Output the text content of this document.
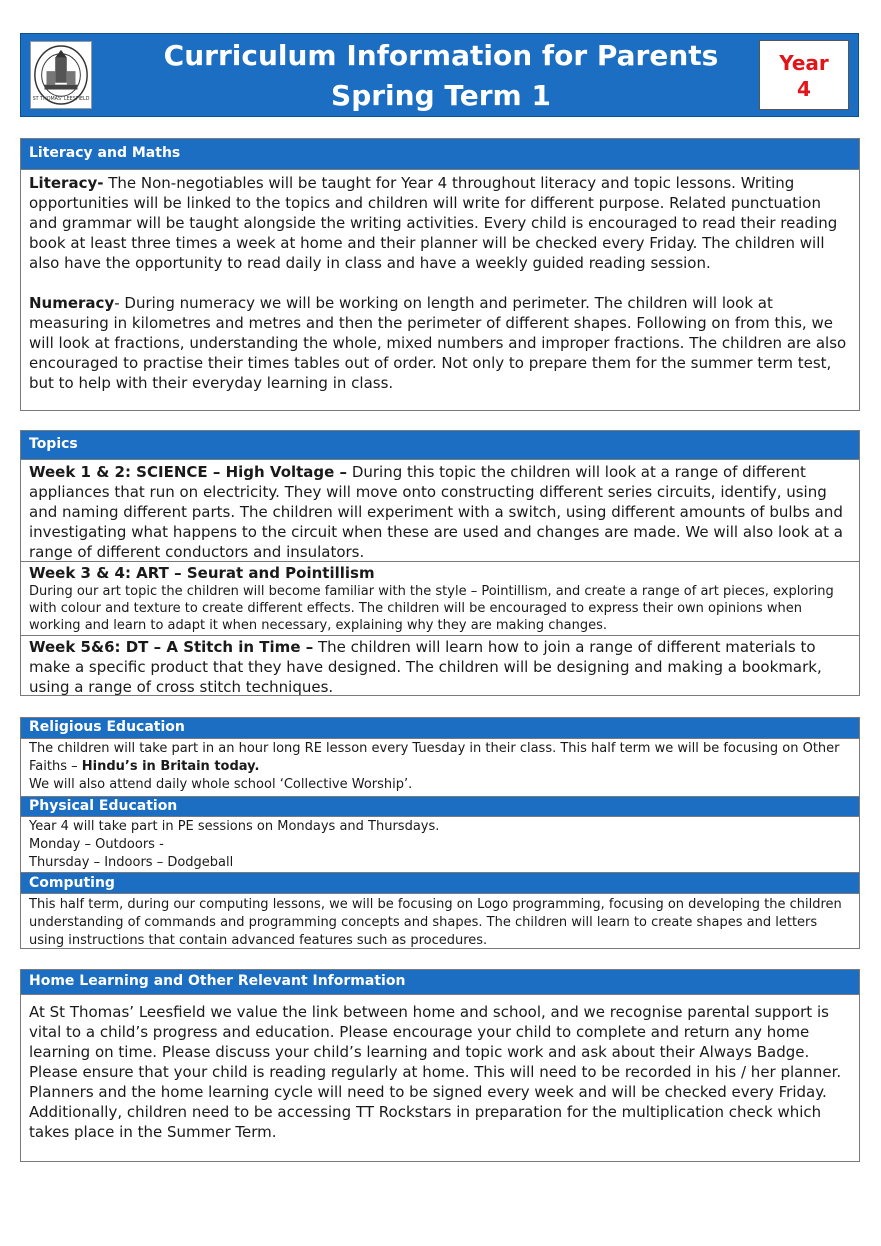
ST THOMAS' LEESFIELD
Curriculum Information for Parents
Spring Term 1
Year
4
Literacy and Maths

Literacy- The Non-negotiables will be taught for Year 4 throughout literacy and topic lessons. Writing opportunities will be linked to the topics and children will write for different purpose. Related punctuation and grammar will be taught alongside the writing activities. Every child is encouraged to read their reading book at least three times a week at home and their planner will be checked every Friday. The children will also have the opportunity to read daily in class and have a weekly guided reading session.

Numeracy- During numeracy we will be working on length and perimeter. The children will look at measuring in kilometres and metres and then the perimeter of different shapes. Following on from this, we will look at fractions, understanding the whole, mixed numbers and improper fractions. The children are also encouraged to practise their times tables out of order. Not only to prepare them for the summer term test, but to help with their everyday learning in class.

Topics

Week 1 & 2: SCIENCE – High Voltage – During this topic the children will look at a range of different appliances that run on electricity. They will move onto constructing different series circuits, identify, using and naming different parts. The children will experiment with a switch, using different amounts of bulbs and investigating what happens to the circuit when these are used and changes are made. We will also look at a range of different conductors and insulators.

Week 3 & 4: ART – Seurat and Pointillism

During our art topic the children will become familiar with the style – Pointillism, and create a range of art pieces, exploring with colour and texture to create different effects. The children will be encouraged to express their own opinions when working and learn to adapt it when necessary, explaining why they are making changes.

Week 5&6: DT – A Stitch in Time – The children will learn how to join a range of different materials to make a specific product that they have designed. The children will be designing and making a bookmark, using a range of cross stitch techniques.

Religious Education

The children will take part in an hour long RE lesson every Tuesday in their class. This half term we will be focusing on Other Faiths – Hindu’s in Britain today.

We will also attend daily whole school ‘Collective Worship’.

Physical Education

Year 4 will take part in PE sessions on Mondays and Thursdays.

Monday – Outdoors -

Thursday – Indoors – Dodgeball

Computing

This half term, during our computing lessons, we will be focusing on Logo programming, focusing on developing the children understanding of commands and programming concepts and shapes. The children will learn to create shapes and letters using instructions that contain advanced features such as procedures.

Home Learning and Other Relevant Information

At St Thomas’ Leesfield we value the link between home and school, and we recognise parental support is vital to a child’s progress and education. Please encourage your child to complete and return any home learning on time. Please discuss your child’s learning and topic work and ask about their Always Badge. Please ensure that your child is reading regularly at home. This will need to be recorded in his / her planner. Planners and the home learning cycle will need to be signed every week and will be checked every Friday. Additionally, children need to be accessing TT Rockstars in preparation for the multiplication check which takes place in the Summer Term.
